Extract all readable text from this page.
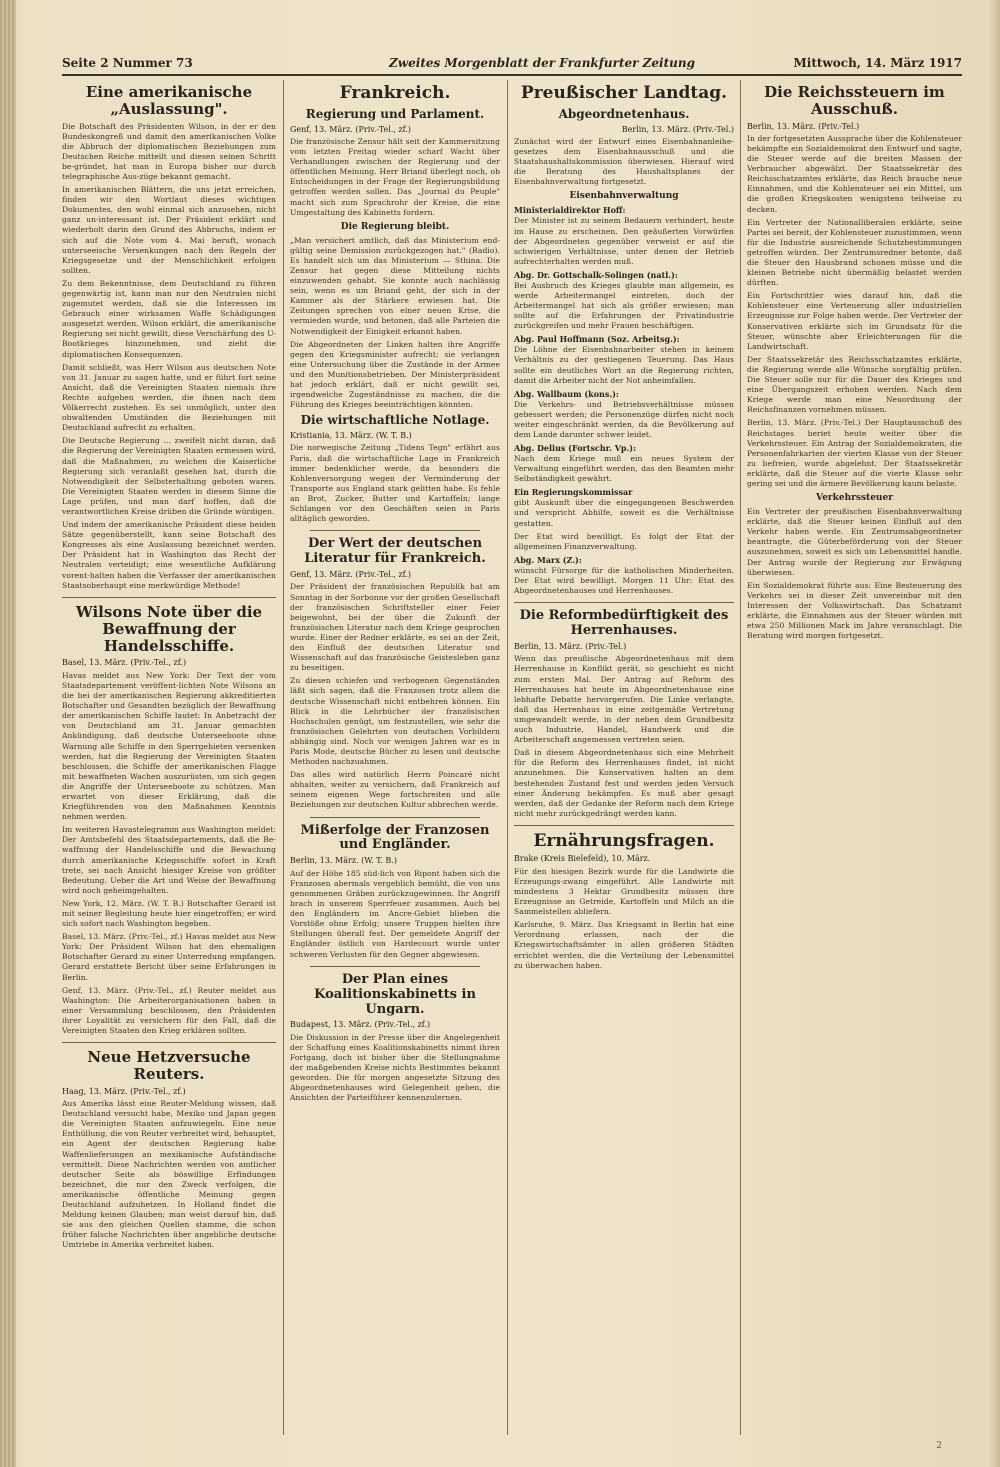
Seite 2 Nummer 73	Zweites Morgenblatt der Frankfurter Zeitung	Mittwoch, 14. März 1917
Eine amerikanische „Auslassung".

Die Botschaft des Präsidenten Wilson, in der er den Bundeskongreß und damit den amerikanischen Volke die Abbruch der diplomatischen Beziehungen zum Deutschen Reiche mitteilt und diesen seinen Schritt be-gründet, hat man in Europa bisher nur durch telegraphische Aus-züge bekannt gemacht.

In amerikanischen Blättern, die uns jetzt erreichen, finden wir den Wortlaut dieses wichtigen Dokumentes, den wohl einmal sich anzusehen, nicht ganz un-interessant ist. Der Präsident erklärt und wiederholt darin den Grund des Abbruchs, indem er sich auf die Note vom 4. Mai beruft, wonach unterseeische Versenkungen nach den Regeln der Kriegsgesetze und der Menschlichkeit erfolgen sollten.

Zu dem Bekenntnisse, dem Deutschland zu führen gegenwärtig ist, kann man nur den Neutralen nicht zugemutet werden, daß sie die Interessen im Gebrauch einer wirksamen Waffe Schädigungen ausgesetzt werden. Wilson erklärt, die amerikanische Regierung sei nicht gewillt, diese Verschärfung des U-Bootkrieges hinzunehmen, und zieht die diplomatischen Konsequenzen.

Damit schließt, was Herr Wilson aus deutschen Note von 31. Januar zu sagen hatte, und er führt fort seine Ansicht, daß die Vereinigten Staaten niemals ihre Rechte aufgeben werden, die ihnen nach dem Völkerrecht zustehen. Es sei unmöglich, unter den obwaltenden Umständen die Beziehungen mit Deutschland aufrecht zu erhalten.

Die Deutsche Regierung ... zweifelt nicht daran, daß die Regierung der Vereinigten Staaten ermessen wird, daß die Maßnahmen, zu welchen die Kaiserliche Regierung sich veranlaßt gesehen hat, durch die Notwendigkeit der Selbsterhaltung geboten waren. Die Vereinigten Staaten werden in diesem Sinne die Lage prüfen, und man darf hoffen, daß die verantwortlichen Kreise drüben die Gründe würdigen.

Und indem der amerikanische Präsident diese beiden Sätze gegenüberstellt, kann seine Botschaft des Kongresses als eine Auslassung bezeichnet werden. Der Präsident hat in Washington das Recht der Neutralen verteidigt; eine wesentliche Aufklärung vorent-halten haben die Verfasser der amerikanischen Staatsoberhaupt eine merkwürdige Methode!

Wilsons Note über die Bewaffnung der Handelsschiffe.
Basel, 13. März. (Priv.-Tel., zf.)

Havas meldet aus New York: Der Text der vom Staatsdepartement veröffent-lichten Note Wilsons an die bei der amerikanischen Regierung akkreditierten Botschafter und Gesandten bezüglich der Bewaffnung der amerikanischen Schiffe lautet: In Anbetracht der von Deutschland am 31. Januar gemachten Ankündigung, daß deutsche Unterseeboote ohne Warnung alle Schiffe in den Sperrgebieten versenken werden, hat die Regierung der Vereinigten Staaten beschlossen, die Schiffe der amerikanischen Flagge mit bewaffneten Wachen auszurüsten, um sich gegen die Angriffe der Unterseeboote zu schützen. Man erwartet von dieser Erklärung, daß die Kriegführenden von den Maßnahmen Kenntnis nehmen werden.

Im weiteren Havastelegramm aus Washington meldet: Der Amtsbefehl des Staatsdepartements, daß die Be-waffnung der Handelsschiffe und die Bewachung durch amerikanische Kriegsschiffe sofort in Kraft trete, sei nach Ansicht hiesiger Kreise von größter Bedeutung. Ueber die Art und Weise der Bewaffnung wird noch geheimgehalten.

New York, 12. März. (W. T. B.) Botschafter Gerard ist mit seiner Begleitung heute hier eingetroffen; er wird sich sofort nach Washington begeben.

Basel, 13. März. (Priv.-Tel., zf.) Havas meldet aus New York: Der Präsident Wilson hat den ehemaligen Botschafter Gerard zu einer Unterredung empfangen. Gerard erstattete Bericht über seine Erfahrungen in Berlin.

Genf, 13. März. (Priv.-Tel., zf.) Reuter meldet aus Washington: Die Arbeiterorganisationen haben in einer Versammlung beschlossen, den Präsidenten ihrer Loyalität zu versichern für den Fall, daß die Vereinigten Staaten den Krieg erklären sollten.

Neue Hetzversuche Reuters.
Haag, 13. März. (Priv.-Tel., zf.)

Aus Amerika lässt eine Reuter-Meldung wissen, daß Deutschland versucht habe, Mexiko und Japan gegen die Vereinigten Staaten aufzuwiegeln. Eine neue Enthüllung, die von Reuter verbreitet wird, behauptet, ein Agent der deutschen Regierung habe Waffenlieferungen an mexikanische Aufständische vermittelt. Diese Nachrichten werden von amtlicher deutscher Seite als böswillige Erfindungen bezeichnet, die nur den Zweck verfolgen, die amerikanische öffentliche Meinung gegen Deutschland aufzuhetzen. In Holland findet die Meldung keinen Glauben; man weist darauf hin, daß sie aus den gleichen Quellen stamme, die schon früher falsche Nachrichten über angebliche deutsche Umtriebe in Amerika verbreitet haben.

Frankreich.
Regierung und Parlament.
Genf, 13. März. (Priv.-Tel., zf.)

Die französische Zensur hält seit der Kammersitzung vom letzten Freitag wieder scharf Wacht über Verhandlungen zwischen der Regierung und der öffentlichen Meinung. Herr Briand überlegt noch, ob Entscheidungen in der Frage der Regierungsbildung getroffen werden sollen. Das „Journal du Peuple" macht sich zum Sprachrohr der Kreise, die eine Umgestaltung des Kabinetts fordern.

Die Regierung bleibt.

„Man versichert amtlich, daß das Ministerium end-gültig seine Demission zurückgezogen hat." (Radio). Es handelt sich um das Ministerium — Sthina. Die Zensur hat gegen diese Mitteilung nichts einzuwenden gehabt. Sie konnte auch nachlässig sein, wenn es um Briand geht, der sich in der Kammer als der Stärkere erwiesen hat. Die Zeitungen sprechen von einer neuen Krise, die vermieden wurde, und betonen, daß alle Parteien die Notwendigkeit der Einigkeit erkannt haben.

Die Abgeordneten der Linken halten ihre Angriffe gegen den Kriegsminister aufrecht; sie verlangen eine Untersuchung über die Zustände in der Armee und den Munitionsbetrieben. Der Ministerpräsident hat jedoch erklärt, daß er nicht gewillt sei, irgendwelche Zugeständnisse zu machen, die die Führung des Krieges beeinträchtigen könnten.

Die wirtschaftliche Notlage.
Kristiania, 13. März. (W. T. B.)

Die norwegische Zeitung „Tidens Tegn" erfährt aus Paris, daß die wirtschaftliche Lage in Frankreich immer bedenklicher werde, da besonders die Kohlenversorgung wegen der Verminderung der Transporte aus England stark gelitten habe. Es fehle an Brot, Zucker, Butter und Kartoffeln; lange Schlangen vor den Geschäften seien in Paris alltäglich geworden.

Der Wert der deutschen Literatur für Frankreich.
Genf, 13. März. (Priv.-Tel., zf.)

Der Präsident der französischen Republik hat am Sonntag in der Sorbonne vor der großen Gesellschaft der französischen Schriftsteller einer Feier beigewohnt, bei der über die Zukunft der französischen Literatur nach dem Kriege gesprochen wurde. Einer der Redner erklärte, es sei an der Zeit, den Einfluß der deutschen Literatur und Wissenschaft auf das französische Geistesleben ganz zu beseitigen.

Zu diesen schiefen und verbogenen Gegenständen läßt sich sagen, daß die Franzosen trotz allem die deutsche Wissenschaft nicht entbehren können. Ein Blick in die Lehrbücher der französischen Hochschulen genügt, um festzustellen, wie sehr die französischen Gelehrten von deutschen Vorbildern abhängig sind. Noch vor wenigen Jahren war es in Paris Mode, deutsche Bücher zu lesen und deutsche Methoden nachzuahmen.

Das alles wird natürlich Herrn Poincaré nicht abhalten, weiter zu versichern, daß Frankreich auf seinem eigenen Wege fortschreiten und alle Beziehungen zur deutschen Kultur abbrechen werde.

Mißerfolge der Franzosen und Engländer.
Berlin, 13. März. (W. T. B.)

Auf der Höhe 185 süd-lich von Ripont haben sich die Franzosen abermals vergeblich bemüht, die von uns genommenen Gräben zurückzugewinnen. Ihr Angriff brach in unserem Sperrfeuer zusammen. Auch bei den Engländern im Ancre-Gebiet blieben die Vorstöße ohne Erfolg; unsere Truppen hielten ihre Stellungen überall fest. Der gemeldete Angriff der Engländer östlich von Hardecourt wurde unter schweren Verlusten für den Gegner abgewiesen.

Der Plan eines Koalitionskabinetts in Ungarn.
Budapest, 13. März. (Priv.-Tel., zf.)

Die Diskussion in der Presse über die Angelegenheit der Schaffung eines Koalitionskabinetts nimmt ihren Fortgang, doch ist bisher über die Stellungnahme der maßgebenden Kreise nichts Bestimmtes bekannt geworden. Die für morgen angesetzte Sitzung des Abgeordnetenhauses wird Gelegenheit geben, die Ansichten der Parteiführer kennenzulernen.

Preußischer Landtag.
Abgeordnetenhaus.
Berlin, 13. März. (Priv.-Tel.)

Zunächst wird der Entwurf eines Eisenbahnanleihe-gesetzes dem Eisenbahnausschuß und die Staatshaushaltskommission überwiesen. Hierauf wird die Beratung des Haushaltsplanes der Eisenbahnverwaltung fortgesetzt.

Eisenbahnverwaltung
Ministerialdirektor Hoff:

Der Minister ist zu seinem Bedauern verhindert, heute im Hause zu erscheinen. Den geäußerten Vorwürfen der Abgeordneten gegenüber verweist er auf die schwierigen Verhältnisse, unter denen der Betrieb aufrechterhalten werden muß.

Abg. Dr. Gottschalk-Solingen (natl.):

Bei Ausbruch des Krieges glaubte man allgemein, es werde Arbeitermangel eintreten, doch der Arbeitermangel hat sich als größer erwiesen; man sollte auf die Erfahrungen der Privatindustrie zurückgreifen und mehr Frauen beschäftigen.

Abg. Paul Hoffmann (Soz. Arbeitsg.):

Die Löhne der Eisenbahnarbeiter stehen in keinem Verhältnis zu der gestiegenen Teuerung. Das Haus sollte ein deutliches Wort an die Regierung richten, damit die Arbeiter nicht der Not anheimfallen.

Abg. Wallbaum (kons.):

Die Verkehrs- und Betriebsverhältnisse müssen gebessert werden; die Personenzüge dürfen nicht noch weiter eingeschränkt werden, da die Bevölkerung auf dem Lande darunter schwer leidet.

Abg. Delius (Fortschr. Vp.):

Nach dem Kriege muß ein neues System der Verwaltung eingeführt werden, das den Beamten mehr Selbständigkeit gewährt.

Ein Regierungskommissar

gibt Auskunft über die eingegangenen Beschwerden und verspricht Abhilfe, soweit es die Verhältnisse gestatten.

Der Etat wird bewilligt. Es folgt der Etat der allgemeinen Finanzverwaltung.

Abg. Marx (Z.):

wünscht Fürsorge für die katholischen Minderheiten. Der Etat wird bewilligt. Morgen 11 Uhr: Etat des Abgeordnetenhauses und Herrenhauses.

Die Reformbedürftigkeit des Herrenhauses.
Berlin, 13. März. (Priv.-Tel.)

Wenn das preußische Abgeordnetenhaus mit dem Herrenhause in Konflikt gerät, so geschieht es nicht zum ersten Mal. Der Antrag auf Reform des Herrenhauses hat heute im Abgeordnetenhause eine lebhafte Debatte hervorgerufen. Die Linke verlangte, daß das Herrenhaus in eine zeitgemäße Vertretung umgewandelt werde, in der neben dem Grundbesitz auch Industrie, Handel, Handwerk und die Arbeiterschaft angemessen vertreten seien.

Daß in diesem Abgeordnetenhaus sich eine Mehrheit für die Reform des Herrenhauses findet, ist nicht anzunehmen. Die Konservativen halten an dem bestehenden Zustand fest und werden jeden Versuch einer Änderung bekämpfen. Es muß aber gesagt werden, daß der Gedanke der Reform nach dem Kriege nicht mehr zurückgedrängt werden kann.

Ernährungsfragen.
Brake (Kreis Bielefeld), 10. März.

Für den hiesigen Bezirk wurde für die Landwirte die Erzeugungs-zwang eingeführt. Alle Landwirte mit mindestens 3 Hektar Grundbesitz müssen ihre Erzeugnisse an Getreide, Kartoffeln und Milch an die Sammelstellen abliefern.

Karlsruhe, 9. März. Das Kriegsamt in Berlin hat eine Verordnung erlassen, nach der die Kriegswirtschaftsämter in allen größeren Städten errichtet werden, die die Verteilung der Lebensmittel zu überwachen haben.

Die Reichssteuern im Ausschuß.
Berlin, 13. März. (Priv.-Tel.)

In der fortgesetzten Aussprache über die Kohlensteuer bekämpfte ein Sozialdemokrat den Entwurf und sagte, die Steuer werde auf die breiten Massen der Verbraucher abgewälzt. Der Staatssekretär des Reichsschatzamtes erklärte, das Reich brauche neue Einnahmen, und die Kohlensteuer sei ein Mittel, um die großen Kriegskosten wenigstens teilweise zu decken.

Ein Vertreter der Nationalliberalen erklärte, seine Partei sei bereit, der Kohlensteuer zuzustimmen, wenn für die Industrie ausreichende Schutzbestimmungen getroffen würden. Der Zentrumsredner betonte, daß die Steuer den Hausbrand schonen müsse und die kleinen Betriebe nicht übermäßig belastet werden dürften.

Ein Fortschrittler wies darauf hin, daß die Kohlensteuer eine Verteuerung aller industriellen Erzeugnisse zur Folge haben werde. Der Vertreter der Konservativen erklärte sich im Grundsatz für die Steuer, wünschte aber Erleichterungen für die Landwirtschaft.

Der Staatssekretär des Reichsschatzamtes erklärte, die Regierung werde alle Wünsche sorgfältig prüfen. Die Steuer solle nur für die Dauer des Krieges und eine Übergangszeit erhoben werden. Nach dem Kriege werde man eine Neuordnung der Reichsfinanzen vornehmen müssen.

Berlin, 13. März. (Priv.-Tel.) Der Hauptausschuß des Reichstages beriet heute weiter über die Verkehrssteuer. Ein Antrag der Sozialdemokraten, die Personenfahrkarten der vierten Klasse von der Steuer zu befreien, wurde abgelehnt. Der Staatssekretär erklärte, daß die Steuer auf die vierte Klasse sehr gering sei und die ärmere Bevölkerung kaum belaste.

Verkehrssteuer

Ein Vertreter der preußischen Eisenbahnverwaltung erklärte, daß die Steuer keinen Einfluß auf den Verkehr haben werde. Ein Zentrumsabgeordneter beantragte, die Güterbeförderung von der Steuer auszunehmen, soweit es sich um Lebensmittel handle. Der Antrag wurde der Regierung zur Erwägung überwiesen.

Ein Sozialdemokrat führte aus: Eine Besteuerung des Verkehrs sei in dieser Zeit unvereinbar mit den Interessen der Volkswirtschaft. Das Schatzamt erklärte, die Einnahmen aus der Steuer würden mit etwa 250 Millionen Mark im Jahre veranschlagt. Die Beratung wird morgen fortgesetzt.

2
